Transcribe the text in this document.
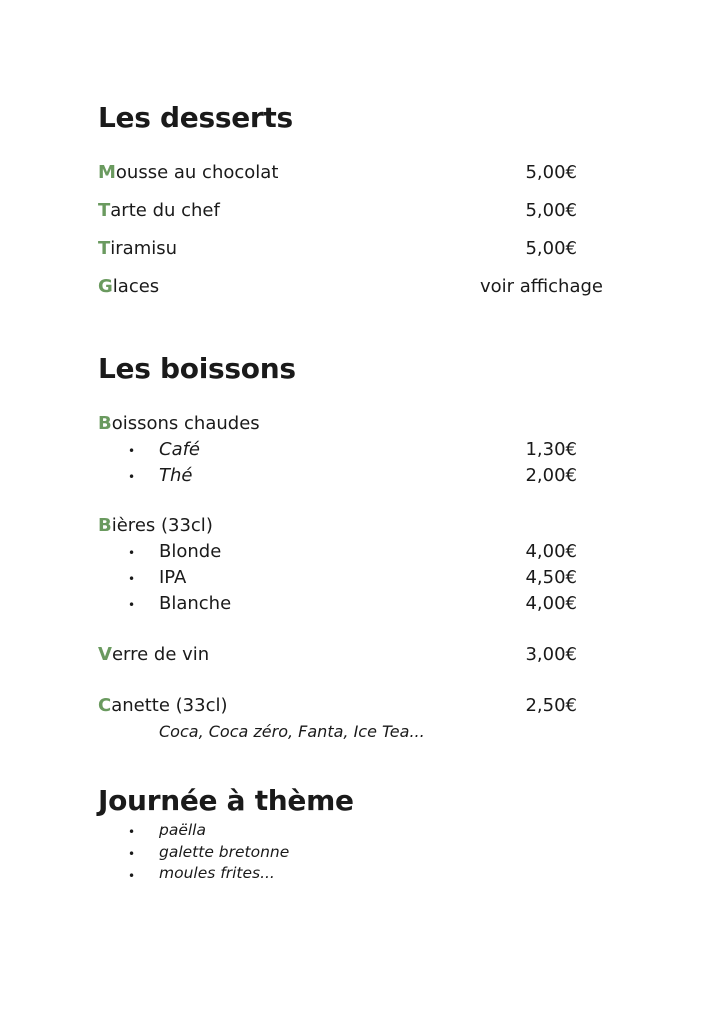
Les desserts
Mousse au chocolat	5,00€
Tarte du chef	5,00€
Tiramisu	5,00€
Glaces	voir affichage
Les boissons
Boissons chaudes
• Café	1,30€
• Thé	2,00€
Bières (33cl)
• Blonde	4,00€
• IPA	4,50€
• Blanche	4,00€
Verre de vin	3,00€
Canette (33cl)	2,50€
Coca, Coca zéro, Fanta, Ice Tea...
Journée à thème
• paëlla
• galette bretonne
• moules frites...
